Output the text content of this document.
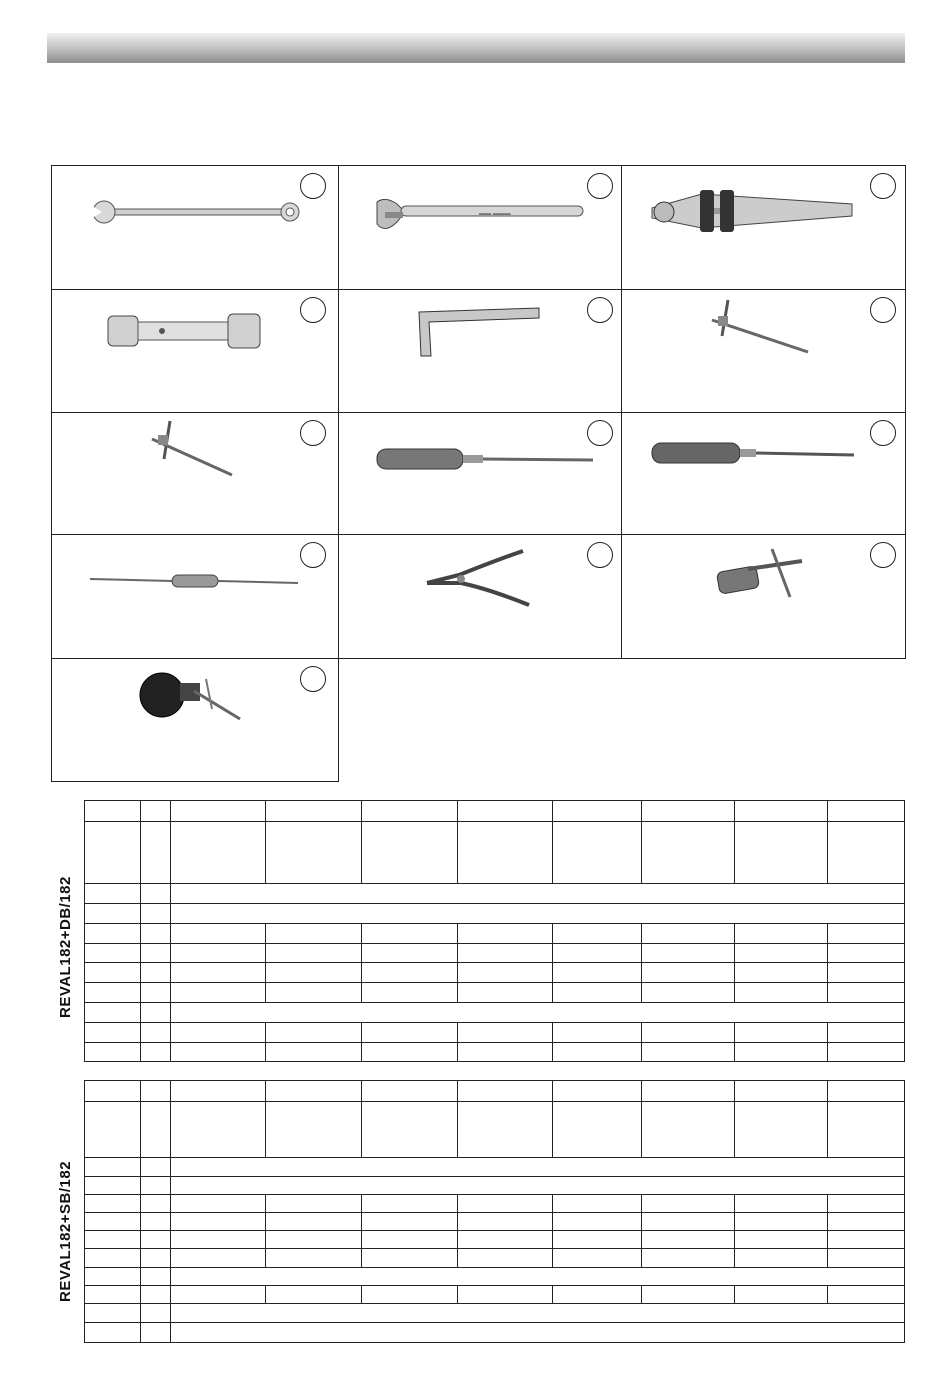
▬▬ ▬▬▬
REVAL182+DB/182

REVAL182+SB/182
